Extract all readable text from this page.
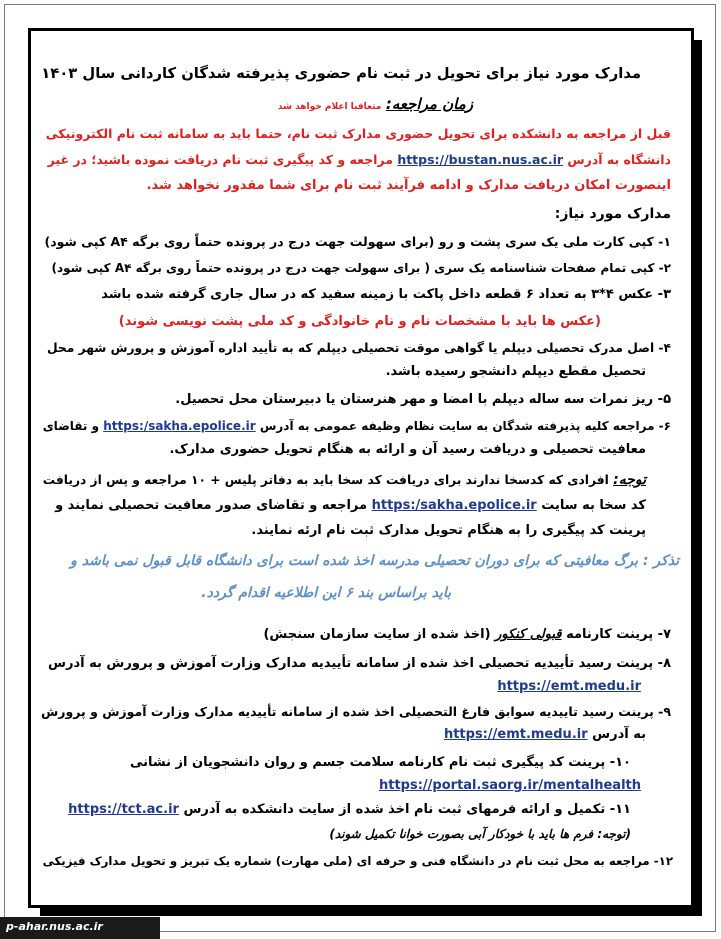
مدارک مورد نیاز برای تحویل در ثبت نام حضوری پذیرفته شدگان کاردانی سال ۱۴۰۳
زمان مراجعه: متعاقبا اعلام خواهد شد
قبل از مراجعه به دانشکده برای تحویل حضوری مدارک ثبت نام، حتما باید به سامانه ثبت نام الکترونیکی
دانشگاه به آدرس https://bustan.nus.ac.ir مراجعه و کد پیگیری ثبت نام دریافت نموده باشید؛ در غیر
اینصورت امکان دریافت مدارک و ادامه فرآیند ثبت نام برای شما مقدور نخواهد شد.
مدارک مورد نیاز:
۱- کپی کارت ملی یک سری پشت و رو (برای سهولت جهت درج در پرونده حتماً روی برگه A۴ کپی شود)
۲- کپی تمام صفحات شناسنامه یک سری ( برای سهولت جهت درج در پرونده حتماً روی برگه A۴ کپی شود)
۳- عکس ۴*۳ به تعداد ۶ قطعه داخل پاکت با زمینه سفید که در سال جاری گرفته شده باشد
(عکس ها باید با مشخصات نام و نام خانوادگی و کد ملی پشت نویسی شوند)
۴- اصل مدرک تحصیلی دیپلم یا گواهی موقت تحصیلی دیپلم که به تأیید اداره آموزش و پرورش شهر محل
تحصیل مقطع دیپلم دانشجو رسیده باشد.
۵- ریز نمرات سه ساله دیپلم با امضا و مهر هنرستان یا دبیرستان محل تحصیل.
۶- مراجعه کلیه پذیرفته شدگان به سایت نظام وظیفه عمومی به آدرس https:/sakha.epolice.ir و تقاضای
معافیت تحصیلی و دریافت رسید آن و ارائه به هنگام تحویل حضوری مدارک.
توجه: افرادی که کدسخا ندارند برای دریافت کد سخا باید به دفاتر پلیس + ۱۰ مراجعه و پس از دریافت
کد سخا به سایت https:/sakha.epolice.ir مراجعه و تقاضای صدور معافیت تحصیلی نمایند و
پرینت کد پیگیری را به هنگام تحویل مدارک ثبت نام ارئه نمایند.
تذکر : برگ معافیتی که برای دوران تحصیلی مدرسه اخذ شده است برای دانشگاه قابل قبول نمی باشد و
باید براساس بند ۶ این اطلاعیه اقدام گردد.
۷- پرینت کارنامه قبولی کنکور (اخذ شده از سایت سازمان سنجش)
۸- پرینت رسید تأییدیه تحصیلی اخذ شده از سامانه تأییدیه مدارک وزارت آموزش و پرورش به آدرس
https://emt.medu.ir
۹- پرینت رسید تاییدیه سوابق فارغ التحصیلی اخذ شده از سامانه تأییدیه مدارک وزارت آموزش و پرورش
به آدرس https://emt.medu.ir
۱۰- پرینت کد پیگیری ثبت نام کارنامه سلامت جسم و روان دانشجویان از نشانی
https://portal.saorg.ir/mentalhealth
۱۱- تکمیل و ارائه فرمهای ثبت نام اخذ شده از سایت دانشکده به آدرس https://tct.ac.ir
(توجه: فرم ها باید با خودکار آبی بصورت خوانا تکمیل شوند)
۱۲- مراجعه به محل ثبت نام در دانشگاه فنی و حرفه ای (ملی مهارت) شماره یک تبریز و تحویل مدارک فیزیکی
p-ahar.nus.ac.ir
